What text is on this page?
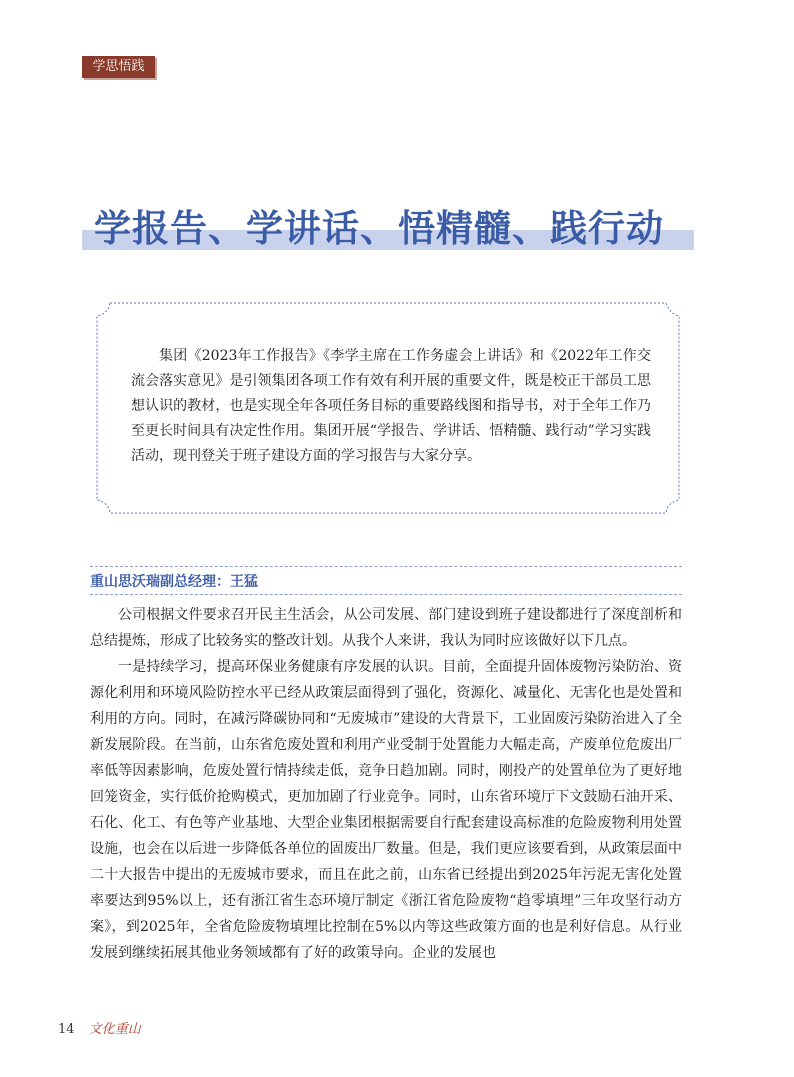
学思悟践
学报告、学讲话、悟精髓、践行动
集团《2023年工作报告》《李学主席在工作务虚会上讲话》和《2022年工作交流会落实意见》是引领集团各项工作有效有利开展的重要文件，既是校正干部员工思想认识的教材，也是实现全年各项任务目标的重要路线图和指导书，对于全年工作乃至更长时间具有决定性作用。集团开展“学报告、学讲话、悟精髓、践行动”学习实践活动，现刊登关于班子建设方面的学习报告与大家分享。
重山思沃瑞副总经理：王猛

公司根据文件要求召开民主生活会，从公司发展、部门建设到班子建设都进行了深度剖析和总结提炼，形成了比较务实的整改计划。从我个人来讲，我认为同时应该做好以下几点。

一是持续学习，提高环保业务健康有序发展的认识。目前，全面提升固体废物污染防治、资源化利用和环境风险防控水平已经从政策层面得到了强化，资源化、减量化、无害化也是处置和利用的方向。同时，在减污降碳协同和“无废城市”建设的大背景下，工业固废污染防治进入了全新发展阶段。在当前，山东省危废处置和利用产业受制于处置能力大幅走高，产废单位危废出厂率低等因素影响，危废处置行情持续走低，竞争日趋加剧。同时，刚投产的处置单位为了更好地回笼资金，实行低价抢购模式，更加加剧了行业竞争。同时，山东省环境厅下文鼓励石油开采、石化、化工、有色等产业基地、大型企业集团根据需要自行配套建设高标准的危险废物利用处置设施，也会在以后进一步降低各单位的固废出厂数量。但是，我们更应该要看到，从政策层面中二十大报告中提出的无废城市要求，而且在此之前，山东省已经提出到2025年污泥无害化处置率要达到95%以上，还有浙江省生态环境厅制定《浙江省危险废物“趋零填埋”三年攻坚行动方案》，到2025年，全省危险废物填埋比控制在5%以内等这些政策方面的也是利好信息。从行业发展到继续拓展其他业务领域都有了好的政策导向。企业的发展也

14 文化重山
